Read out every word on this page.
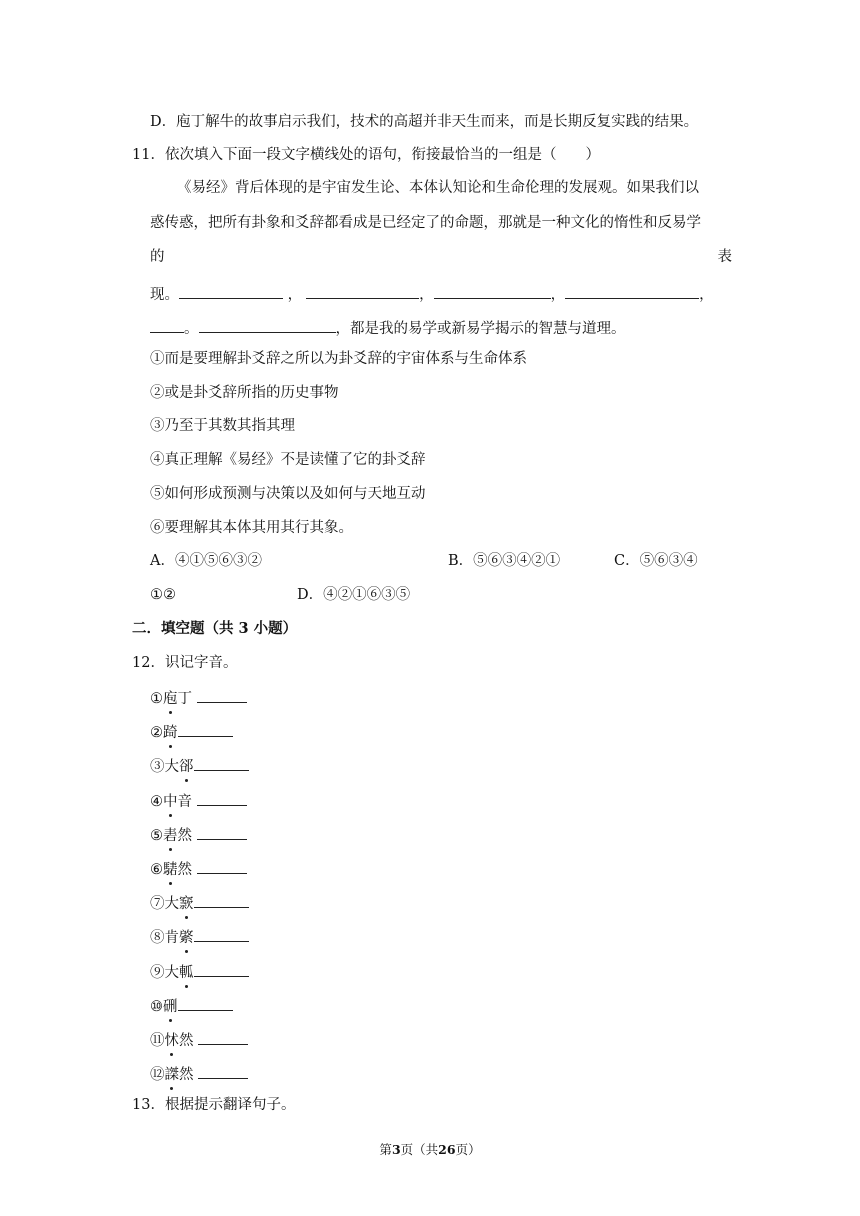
D．庖丁解牛的故事启示我们，技术的高超并非天生而来，而是长期反复实践的结果。
11．依次填入下面一段文字横线处的语句，衔接最恰当的一组是（　　）
《易经》背后体现的是宇宙发生论、本体认知论和生命伦理的发展观。如果我们以
惑传惑，把所有卦象和爻辞都看成是已经定了的命题，那就是一种文化的惰性和反易学
的	表
现。	，	，	，	，
。	，都是我的易学或新易学揭示的智慧与道理。
①而是要理解卦爻辞之所以为卦爻辞的宇宙体系与生命体系
②或是卦爻辞所指的历史事物
③乃至于其数其指其理
④真正理解《易经》不是读懂了它的卦爻辞
⑤如何形成预测与决策以及如何与天地互动
⑥要理解其本体其用其行其象。
A．④①⑤⑥③②	B．⑤⑥③④②①	C．⑤⑥③④
①②	D．④②①⑥③⑤
二．填空题（共 3 小题）
12．识记字音。
①庖丁
②踦
③大郤
④中音
⑤砉然
⑥騞然
⑦大窾
⑧肯綮
⑨大軱
⑩硎
⑪怵然
⑫謋然
13．根据提示翻译句子。
第3页（共26页）
